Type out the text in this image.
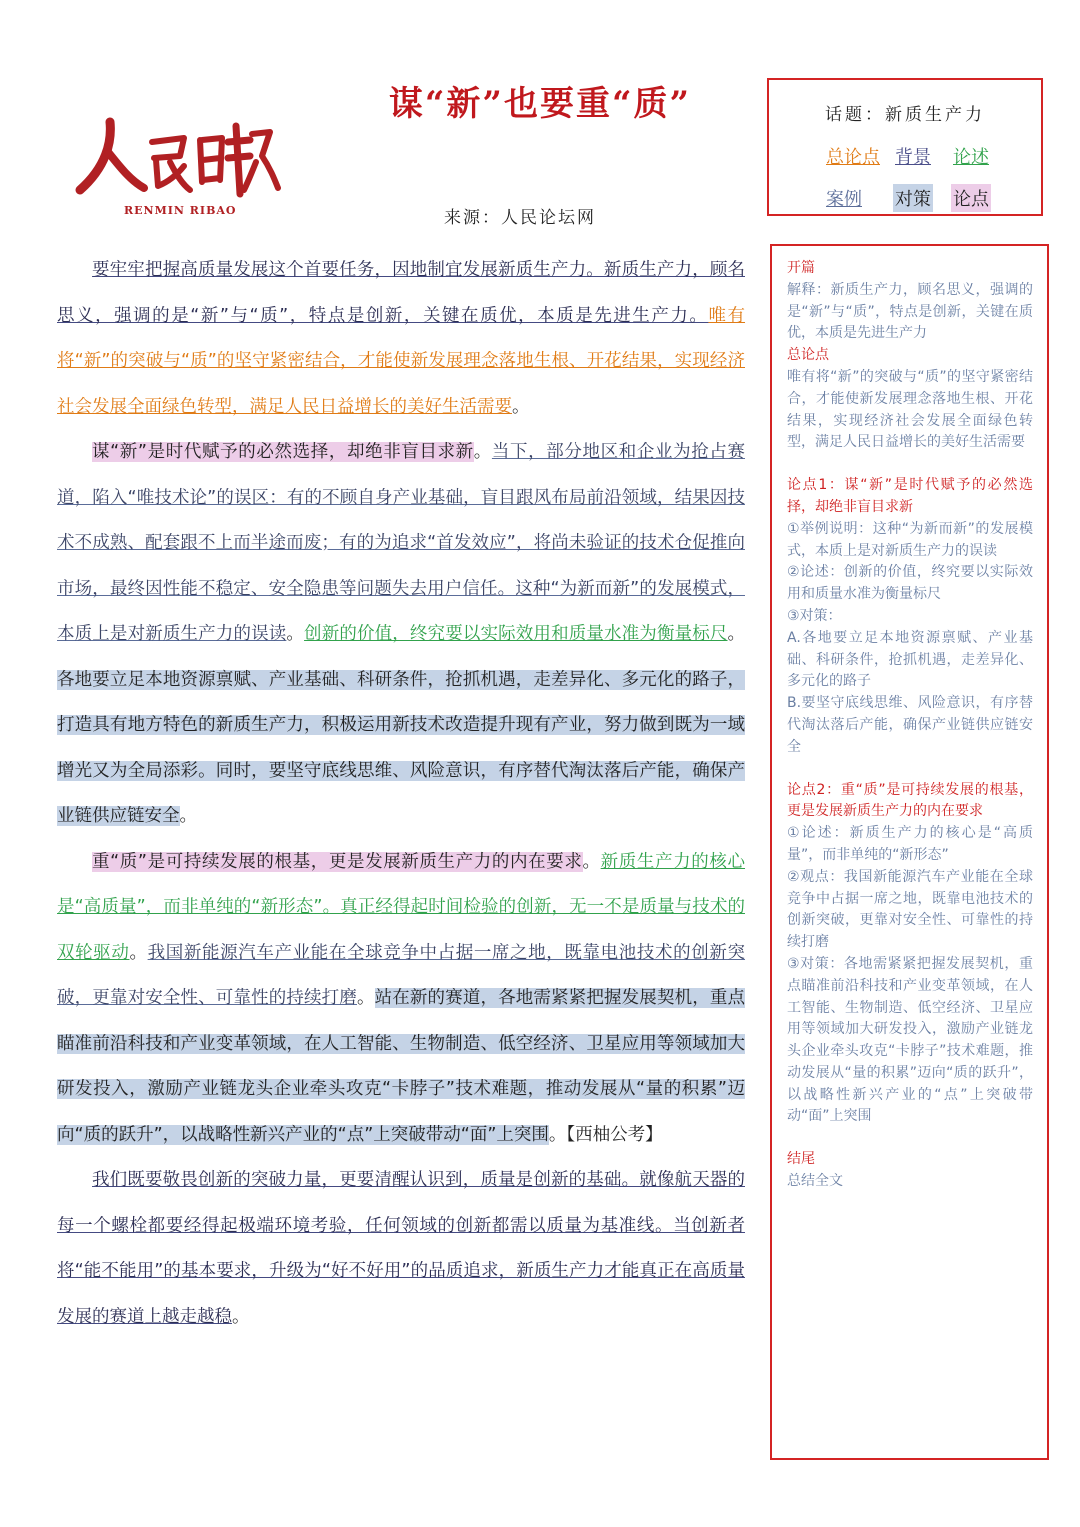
RENMIN RIBAO
谋“新”也要重“质”
来源：人民论坛网
话题：新质生产力
总论点 背景 论述
案例 对策 论点

要牢牢把握高质量发展这个首要任务，因地制宜发展新质生产力。新质生产力，顾名思义，强调的是“新”与“质”，特点是创新，关键在质优，本质是先进生产力。唯有将“新”的突破与“质”的坚守紧密结合，才能使新发展理念落地生根、开花结果，实现经济社会发展全面绿色转型，满足人民日益增长的美好生活需要。

谋“新”是时代赋予的必然选择，却绝非盲目求新。当下，部分地区和企业为抢占赛道，陷入“唯技术论”的误区：有的不顾自身产业基础，盲目跟风布局前沿领域，结果因技术不成熟、配套跟不上而半途而废；有的为追求“首发效应”，将尚未验证的技术仓促推向市场，最终因性能不稳定、安全隐患等问题失去用户信任。这种“为新而新”的发展模式，本质上是对新质生产力的误读。创新的价值，终究要以实际效用和质量水准为衡量标尺。各地要立足本地资源禀赋、产业基础、科研条件，抢抓机遇，走差异化、多元化的路子，打造具有地方特色的新质生产力，积极运用新技术改造提升现有产业，努力做到既为一域增光又为全局添彩。同时，要坚守底线思维、风险意识，有序替代淘汰落后产能，确保产业链供应链安全。

重“质”是可持续发展的根基，更是发展新质生产力的内在要求。新质生产力的核心是“高质量”，而非单纯的“新形态”。真正经得起时间检验的创新，无一不是质量与技术的双轮驱动。我国新能源汽车产业能在全球竞争中占据一席之地，既靠电池技术的创新突破，更靠对安全性、可靠性的持续打磨。站在新的赛道，各地需紧紧把握发展契机，重点瞄准前沿科技和产业变革领域，在人工智能、生物制造、低空经济、卫星应用等领域加大研发投入，激励产业链龙头企业牵头攻克“卡脖子”技术难题，推动发展从“量的积累”迈向“质的跃升”，以战略性新兴产业的“点”上突破带动“面”上突围。【西柚公考】

我们既要敬畏创新的突破力量，更要清醒认识到，质量是创新的基础。就像航天器的每一个螺栓都要经得起极端环境考验，任何领域的创新都需以质量为基准线。当创新者将“能不能用”的基本要求，升级为“好不好用”的品质追求，新质生产力才能真正在高质量发展的赛道上越走越稳。

开篇
解释：新质生产力，顾名思义，强调的是“新”与“质”，特点是创新，关键在质优，本质是先进生产力
总论点
唯有将“新”的突破与“质”的坚守紧密结合，才能使新发展理念落地生根、开花结果，实现经济社会发展全面绿色转型，满足人民日益增长的美好生活需要
论点1：谋“新”是时代赋予的必然选择，却绝非盲目求新
①举例说明：这种“为新而新”的发展模式，本质上是对新质生产力的误读
②论述：创新的价值，终究要以实际效用和质量水准为衡量标尺
③对策：
A.各地要立足本地资源禀赋、产业基础、科研条件，抢抓机遇，走差异化、多元化的路子
B.要坚守底线思维、风险意识，有序替代淘汰落后产能，确保产业链供应链安全
论点2：重“质”是可持续发展的根基，更是发展新质生产力的内在要求
①论述：新质生产力的核心是“高质量”，而非单纯的“新形态”
②观点：我国新能源汽车产业能在全球竞争中占据一席之地，既靠电池技术的创新突破，更靠对安全性、可靠性的持续打磨
③对策：各地需紧紧把握发展契机，重点瞄准前沿科技和产业变革领域，在人工智能、生物制造、低空经济、卫星应用等领域加大研发投入，激励产业链龙头企业牵头攻克“卡脖子”技术难题，推动发展从“量的积累”迈向“质的跃升”，以战略性新兴产业的“点”上突破带动“面”上突围
结尾
总结全文
